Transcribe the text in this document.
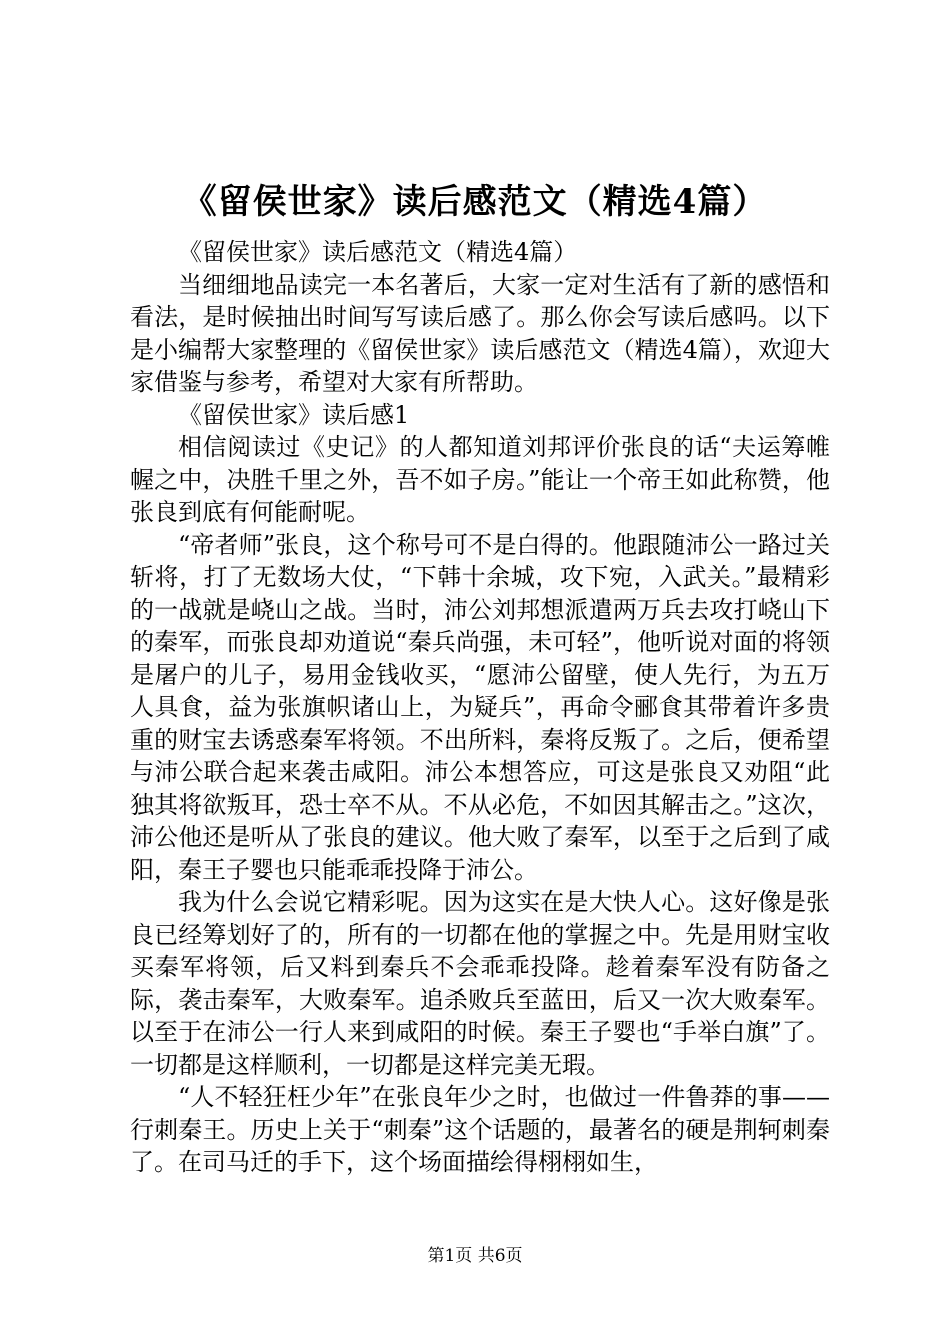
《留侯世家》读后感范文（精选4篇）

《留侯世家》读后感范文（精选4篇）

当细细地品读完一本名著后，大家一定对生活有了新的感悟和看法，是时候抽出时间写写读后感了。那么你会写读后感吗。以下是小编帮大家整理的《留侯世家》读后感范文（精选4篇），欢迎大家借鉴与参考，希望对大家有所帮助。

《留侯世家》读后感1

相信阅读过《史记》的人都知道刘邦评价张良的话“夫运筹帷幄之中，决胜千里之外，吾不如子房。”能让一个帝王如此称赞，他张良到底有何能耐呢。

“帝者师”张良，这个称号可不是白得的。他跟随沛公一路过关斩将，打了无数场大仗，“下韩十余城，攻下宛，入武关。”最精彩的一战就是峣山之战。当时，沛公刘邦想派遣两万兵去攻打峣山下的秦军，而张良却劝道说“秦兵尚强，未可轻”，他听说对面的将领是屠户的儿子，易用金钱收买，“愿沛公留壁，使人先行，为五万人具食，益为张旗帜诸山上，为疑兵”，再命令郦食其带着许多贵重的财宝去诱惑秦军将领。不出所料，秦将反叛了。之后，便希望与沛公联合起来袭击咸阳。沛公本想答应，可这是张良又劝阻“此独其将欲叛耳，恐士卒不从。不从必危，不如因其解击之。”这次，沛公他还是听从了张良的建议。他大败了秦军，以至于之后到了咸阳，秦王子婴也只能乖乖投降于沛公。

我为什么会说它精彩呢。因为这实在是大快人心。这好像是张良已经筹划好了的，所有的一切都在他的掌握之中。先是用财宝收买秦军将领，后又料到秦兵不会乖乖投降。趁着秦军没有防备之际，袭击秦军，大败秦军。追杀败兵至蓝田，后又一次大败秦军。以至于在沛公一行人来到咸阳的时候。秦王子婴也“手举白旗”了。一切都是这样顺利，一切都是这样完美无瑕。

“人不轻狂枉少年”在张良年少之时，也做过一件鲁莽的事——行刺秦王。历史上关于“刺秦”这个话题的，最著名的硬是荆轲刺秦了。在司马迁的手下，这个场面描绘得栩栩如生，

第1页 共6页
